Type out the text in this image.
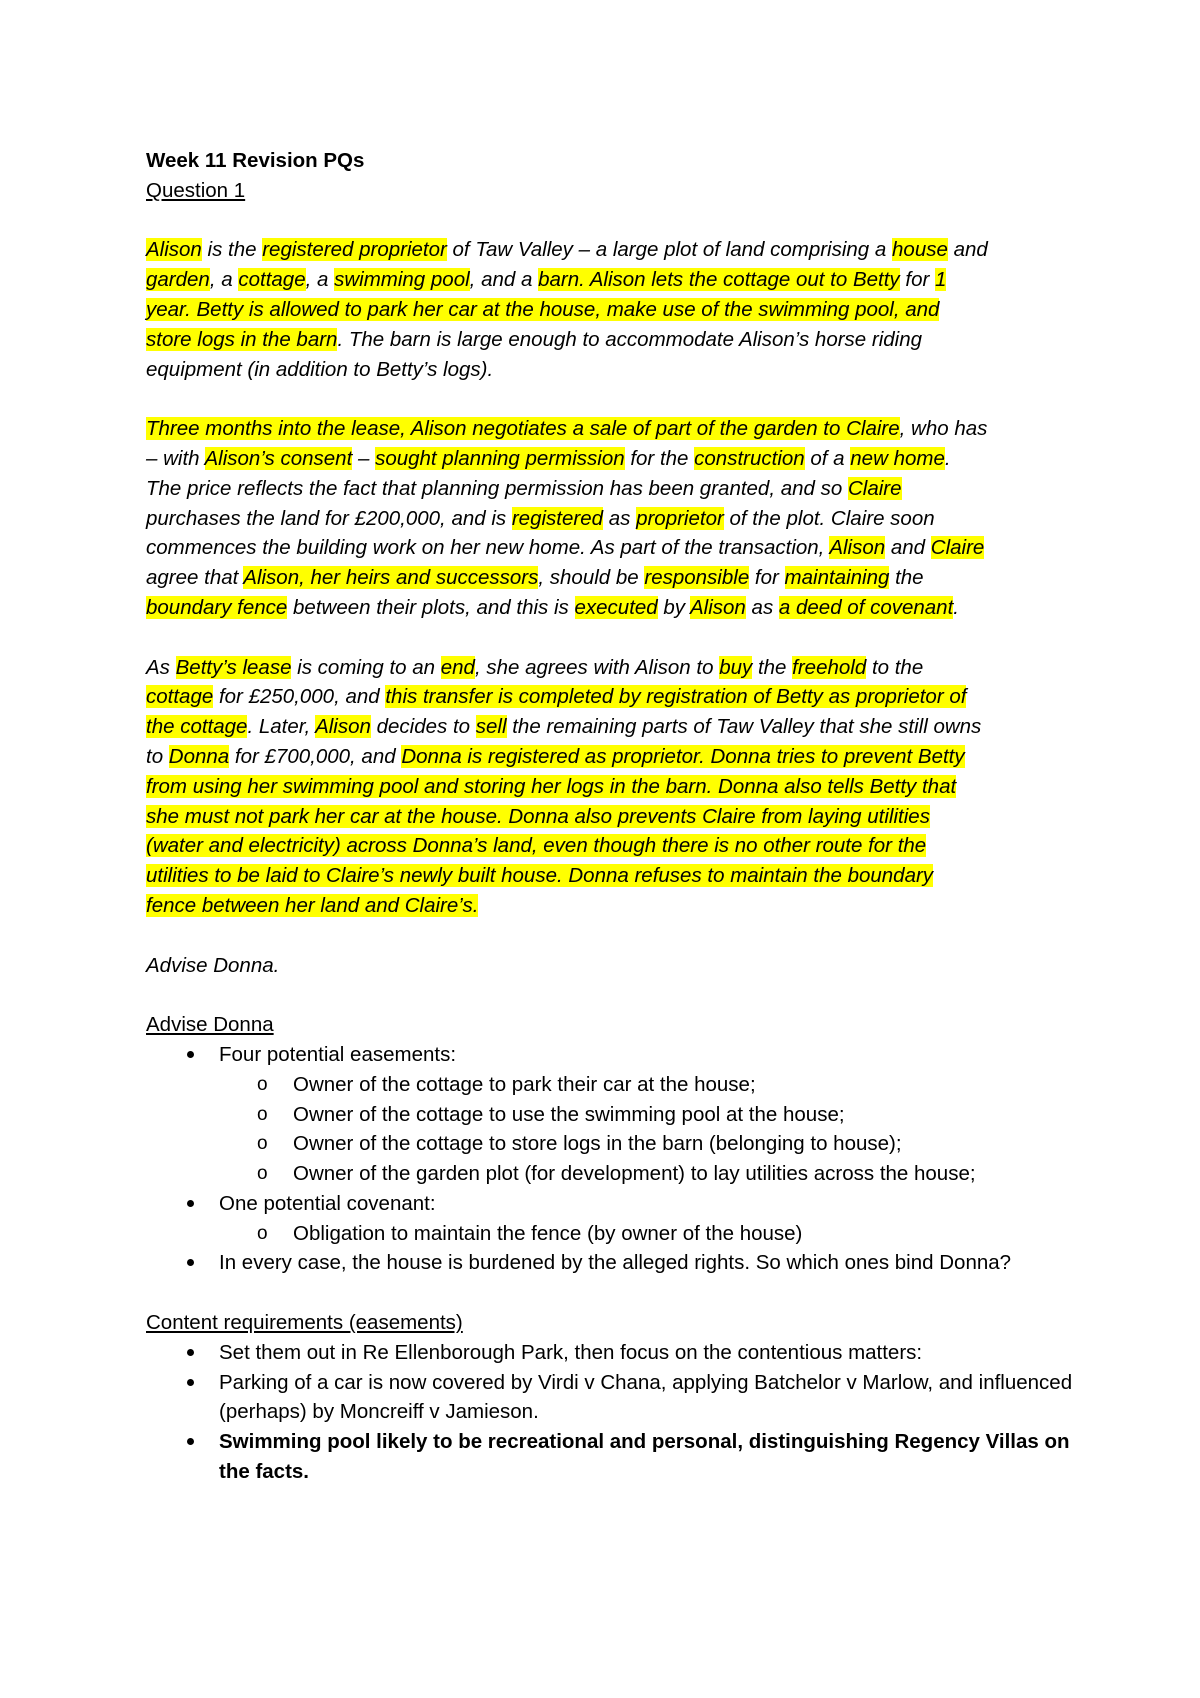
Week 11 Revision PQs
Question 1

Alison is the registered proprietor of Taw Valley – a large plot of land comprising a house and
garden, a cottage, a swimming pool, and a barn. Alison lets the cottage out to Betty for 1
year. Betty is allowed to park her car at the house, make use of the swimming pool, and
store logs in the barn. The barn is large enough to accommodate Alison’s horse riding
equipment (in addition to Betty’s logs).

Three months into the lease, Alison negotiates a sale of part of the garden to Claire, who has
– with Alison’s consent – sought planning permission for the construction of a new home.
The price reflects the fact that planning permission has been granted, and so Claire
purchases the land for £200,000, and is registered as proprietor of the plot. Claire soon
commences the building work on her new home. As part of the transaction, Alison and Claire
agree that Alison, her heirs and successors, should be responsible for maintaining the
boundary fence between their plots, and this is executed by Alison as a deed of covenant.

As Betty’s lease is coming to an end, she agrees with Alison to buy the freehold to the
cottage for £250,000, and this transfer is completed by registration of Betty as proprietor of
the cottage. Later, Alison decides to sell the remaining parts of Taw Valley that she still owns
to Donna for £700,000, and Donna is registered as proprietor. Donna tries to prevent Betty
from using her swimming pool and storing her logs in the barn. Donna also tells Betty that
she must not park her car at the house. Donna also prevents Claire from laying utilities
(water and electricity) across Donna’s land, even though there is no other route for the
utilities to be laid to Claire’s newly built house. Donna refuses to maintain the boundary
fence between her land and Claire’s.

Advise Donna.
Advise Donna
Four potential easements:
o Owner of the cottage to park their car at the house;
o Owner of the cottage to use the swimming pool at the house;
o Owner of the cottage to store logs in the barn (belonging to house);
o Owner of the garden plot (for development) to lay utilities across the house;
One potential covenant:
o Obligation to maintain the fence (by owner of the house)
In every case, the house is burdened by the alleged rights. So which ones bind Donna?
Content requirements (easements)
Set them out in Re Ellenborough Park, then focus on the contentious matters:
Parking of a car is now covered by Virdi v Chana, applying Batchelor v Marlow, and influenced (perhaps) by Moncreiff v Jamieson.
Swimming pool likely to be recreational and personal, distinguishing Regency Villas on the facts.
